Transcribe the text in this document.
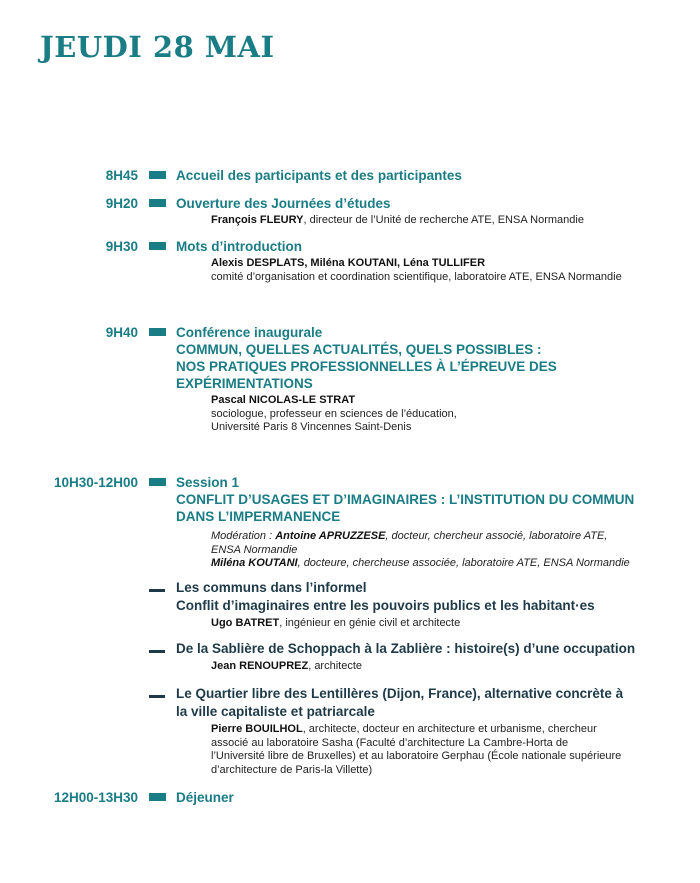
JEUDI 28 MAI
8H45	Accueil des participants et des participantes
9H20	Ouverture des Journées d’études
François FLEURY, directeur de l’Unité de recherche ATE, ENSA Normandie
9H30	Mots d’introduction
Alexis DESPLATS, Miléna KOUTANI, Léna TULLIFER
comité d’organisation et coordination scientifique, laboratoire ATE, ENSA Normandie
9H40	Conférence inaugurale
COMMUN, QUELLES ACTUALITÉS, QUELS POSSIBLES :
NOS PRATIQUES PROFESSIONNELLES À L’ÉPREUVE DES
EXPÉRIMENTATIONS
Pascal NICOLAS-LE STRAT
sociologue, professeur en sciences de l’éducation,
Université Paris 8 Vincennes Saint-Denis
10H30-12H00	Session 1
CONFLIT D’USAGES ET D’IMAGINAIRES : L’INSTITUTION DU COMMUN
DANS L’IMPERMANENCE
Modération : Antoine APRUZZESE, docteur, chercheur associé, laboratoire ATE,
ENSA Normandie
Miléna KOUTANI, docteure, chercheuse associée, laboratoire ATE, ENSA Normandie
Les communs dans l’informel
Conflit d’imaginaires entre les pouvoirs publics et les habitant·es
Ugo BATRET, ingénieur en génie civil et architecte
De la Sablière de Schoppach à la Zablière : histoire(s) d’une occupation
Jean RENOUPREZ, architecte
Le Quartier libre des Lentillères (Dijon, France), alternative concrète à
la ville capitaliste et patriarcale
Pierre BOUILHOL, architecte, docteur en architecture et urbanisme, chercheur
associé au laboratoire Sasha (Faculté d’architecture La Cambre-Horta de
l’Université libre de Bruxelles) et au laboratoire Gerphau (École nationale supérieure
d’architecture de Paris-la Villette)
12H00-13H30	Déjeuner
